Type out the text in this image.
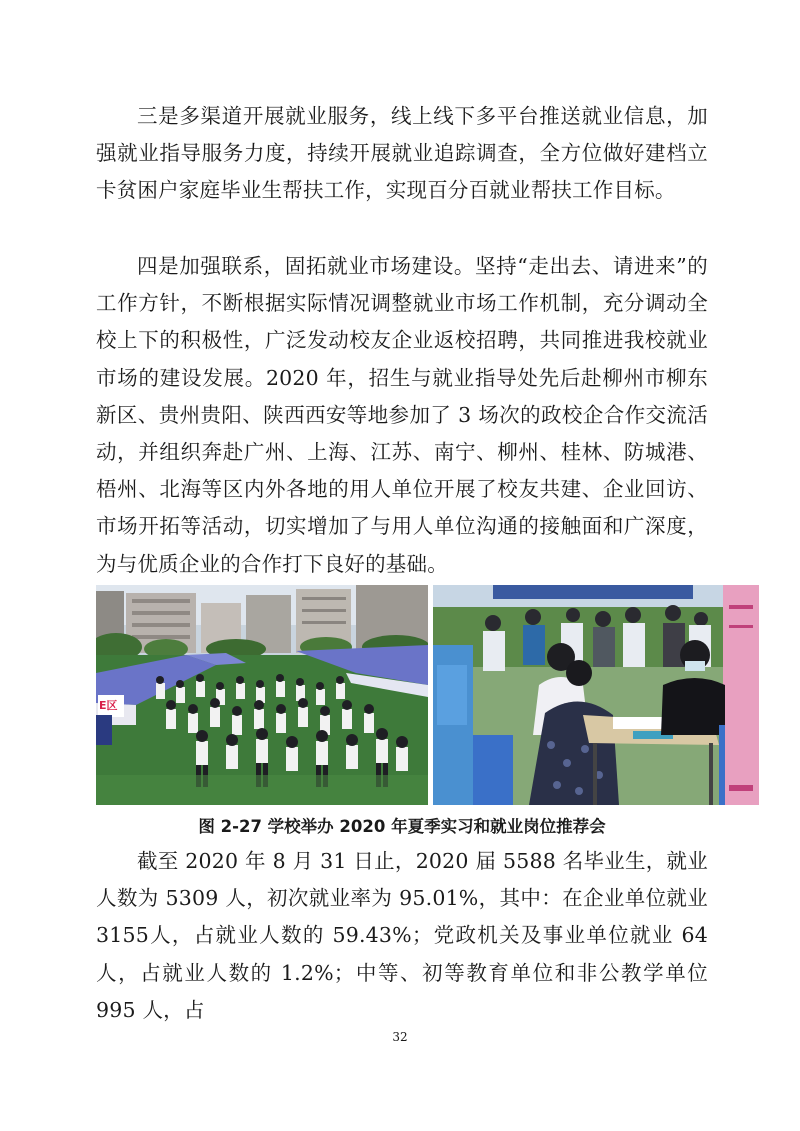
三是多渠道开展就业服务，线上线下多平台推送就业信息，加强就业指导服务力度，持续开展就业追踪调查，全方位做好建档立卡贫困户家庭毕业生帮扶工作，实现百分百就业帮扶工作目标。

四是加强联系，固拓就业市场建设。坚持“走出去、请进来”的工作方针，不断根据实际情况调整就业市场工作机制，充分调动全校上下的积极性，广泛发动校友企业返校招聘，共同推进我校就业市场的建设发展。2020 年，招生与就业指导处先后赴柳州市柳东新区、贵州贵阳、陕西西安等地参加了 3 场次的政校企合作交流活动，并组织奔赴广州、上海、江苏、南宁、柳州、桂林、防城港、梧州、北海等区内外各地的用人单位开展了校友共建、企业回访、市场开拓等活动，切实增加了与用人单位沟通的接触面和广深度，为与优质企业的合作打下良好的基础。

E区
图 2-27 学校举办 2020 年夏季实习和就业岗位推荐会

截至 2020 年 8 月 31 日止，2020 届 5588 名毕业生，就业人数为 5309 人，初次就业率为 95.01%，其中：在企业单位就业 3155人，占就业人数的 59.43%；党政机关及事业单位就业 64 人，占就业人数的 1.2%；中等、初等教育单位和非公教学单位 995 人，占

32
